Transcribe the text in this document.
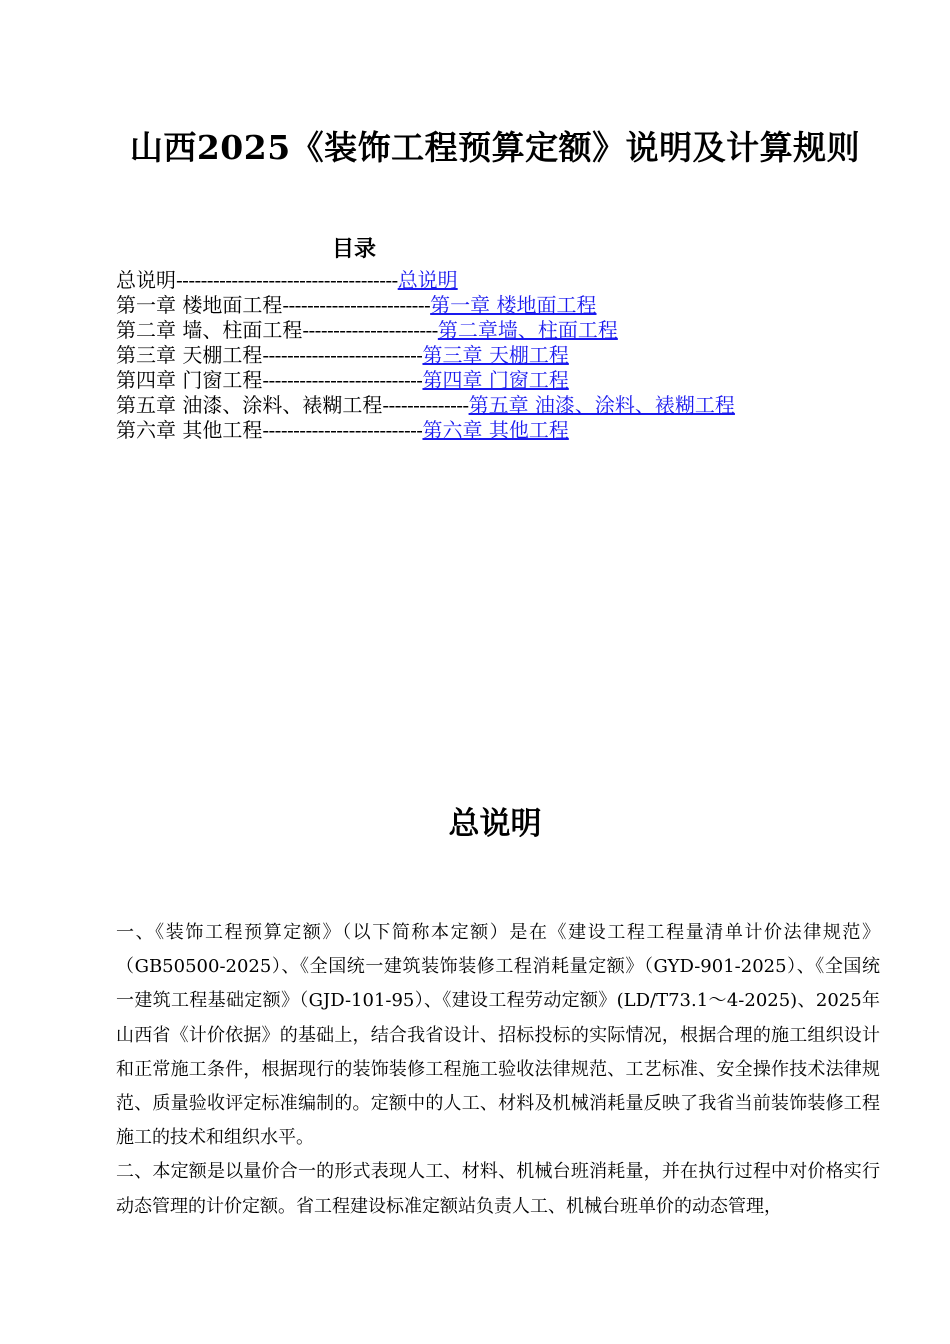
山西2025《装饰工程预算定额》说明及计算规则
目录
总说明 ------------------------------------ 总说明
第一章 楼地面工程 ------------------------ 第一章 楼地面工程
第二章 墙、柱面工程 ---------------------- 第二章墙、柱面工程
第三章 天棚工程 -------------------------- 第三章 天棚工程
第四章 门窗工程 -------------------------- 第四章 门窗工程
第五章 油漆、涂料、裱糊工程 -------------- 第五章 油漆、涂料、裱糊工程
第六章 其他工程 -------------------------- 第六章 其他工程
总说明

一、《装饰工程预算定额》（以下简称本定额）是在《建设工程工程量清单计价法律规范》（GB50500-2025）、《全国统一建筑装饰装修工程消耗量定额》（GYD-901-2025）、《全国统一建筑工程基础定额》（GJD-101-95）、《建设工程劳动定额》(LD/T73.1～4-2025)、2025年山西省《计价依据》的基础上，结合我省设计、招标投标的实际情况，根据合理的施工组织设计和正常施工条件，根据现行的装饰装修工程施工验收法律规范、工艺标准、安全操作技术法律规范、质量验收评定标准编制的。定额中的人工、材料及机械消耗量反映了我省当前装饰装修工程施工的技术和组织水平。

二、本定额是以量价合一的形式表现人工、材料、机械台班消耗量，并在执行过程中对价格实行动态管理的计价定额。省工程建设标准定额站负责人工、机械台班单价的动态管理，
